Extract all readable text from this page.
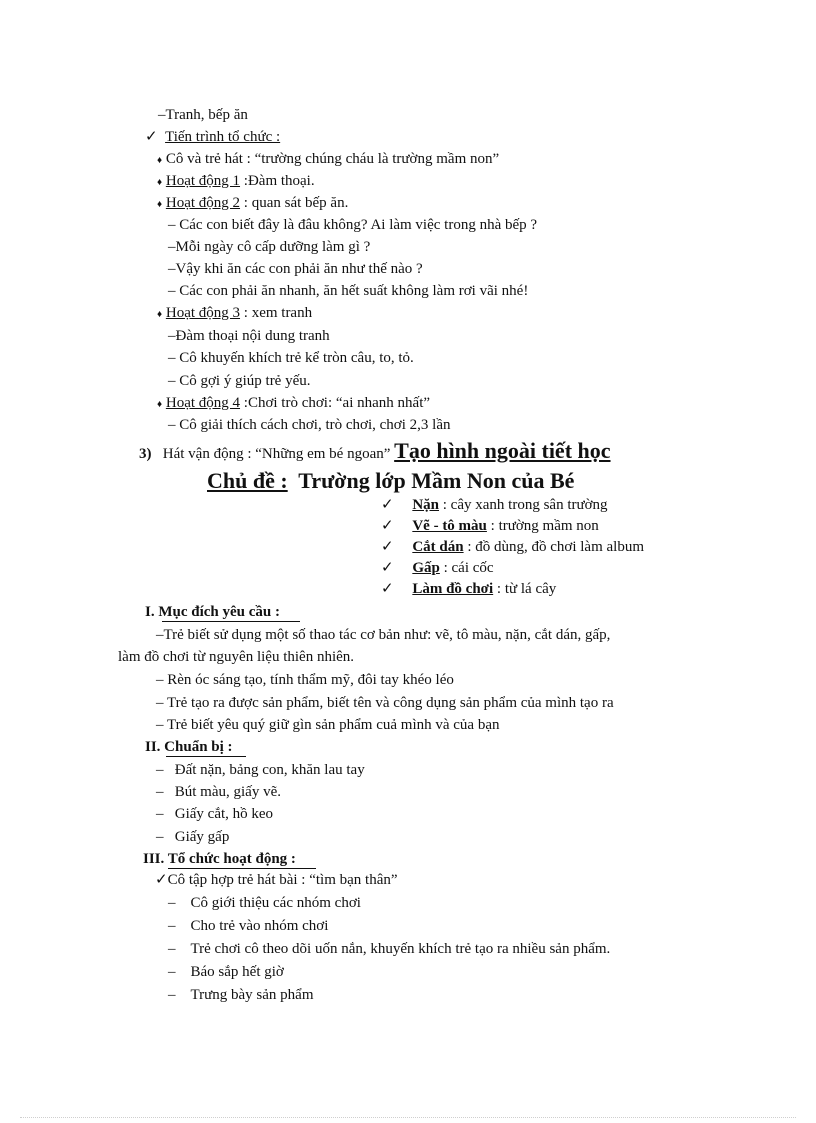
–Tranh, bếp ăn
✓ Tiến trình tổ chức :
♦ Cô và trẻ hát : “trường chúng cháu là trường mầm non”
♦ Hoạt động 1 :Đàm thoại.
♦ Hoạt động 2 : quan sát bếp ăn.
– Các con biết đây là đâu không? Ai làm việc trong nhà bếp ?
–Mỗi ngày cô cấp dưỡng làm gì ?
–Vậy khi ăn các con phải ăn như thế nào ?
– Các con phải ăn nhanh, ăn hết suất không làm rơi vãi nhé!
♦ Hoạt động 3 : xem tranh
–Đàm thoại nội dung tranh
– Cô khuyến khích trẻ kể tròn câu, to, tỏ.
– Cô gợi ý giúp trẻ yếu.
♦ Hoạt động 4 :Chơi trò chơi: “ai nhanh nhất”
– Cô giải thích cách chơi, trò chơi, chơi 2,3 lần
3) Hát vận động : “Những em bé ngoan” Tạo hình ngoài tiết học
Chủ đề :  Trường lớp Mầm Non của Bé
✓ Nặn : cây xanh trong sân trường
✓ Vẽ - tô màu : trường mầm non
✓ Cắt dán : đồ dùng, đồ chơi làm album
✓ Gấp : cái cốc
✓ Làm đồ chơi : từ lá cây
I. Mục đích yêu cầu :
–Trẻ biết sử dụng một số thao tác cơ bản như: vẽ, tô màu, nặn, cắt dán, gấp,
làm đồ chơi từ nguyên liệu thiên nhiên.
– Rèn óc sáng tạo, tính thẩm mỹ, đôi tay khéo léo
– Trẻ tạo ra được sản phẩm, biết tên và công dụng sản phẩm của mình tạo ra
– Trẻ biết yêu quý giữ gìn sản phẩm cuả mình và của bạn
II. Chuẩn bị :
– Đất nặn, bảng con, khăn lau tay
– Bút màu, giấy vẽ.
– Giấy cắt, hồ keo
– Giấy gấp
III. Tổ chức hoạt động :
✓Cô tập hợp trẻ hát bài : “tìm bạn thân”
– Cô giới thiệu các nhóm chơi
– Cho trẻ vào nhóm chơi
– Trẻ chơi cô theo dõi uốn nắn, khuyến khích trẻ tạo ra nhiều sản phẩm.
– Báo sắp hết giờ
– Trưng bày sản phẩm
